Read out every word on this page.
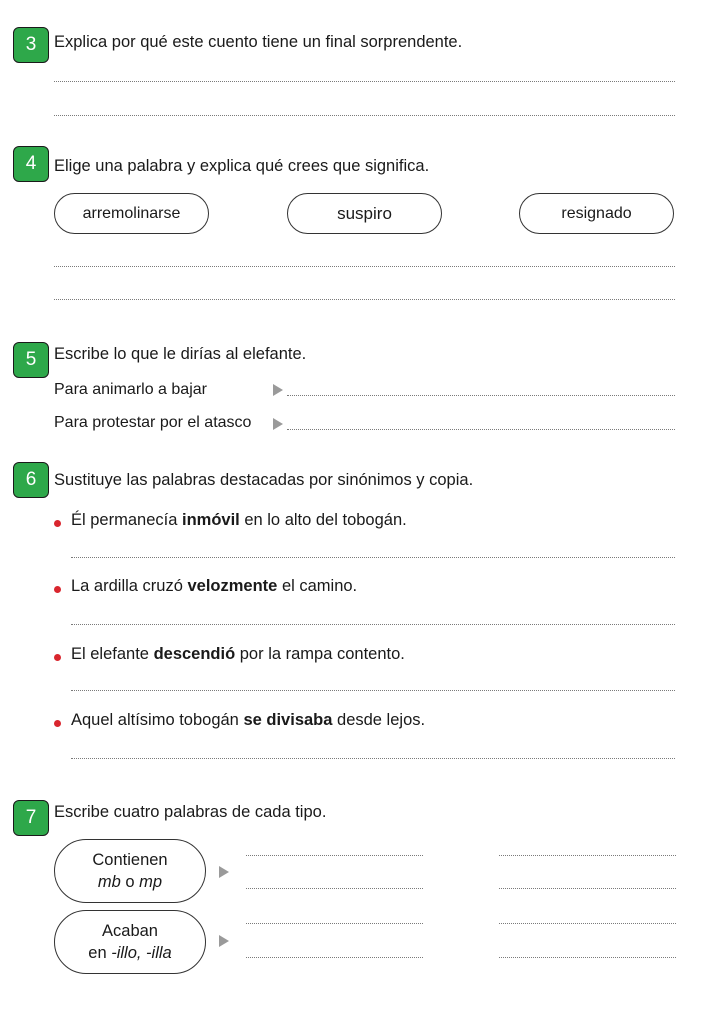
3	Explica por qué este cuento tiene un final sorprendente.
4	Elige una palabra y explica qué crees que significa.
arremolinarse	suspiro	resignado
5	Escribe lo que le dirías al elefante.
Para animarlo a bajar
Para protestar por el atasco
6	Sustituye las palabras destacadas por sinónimos y copia.
Él permanecía inmóvil en lo alto del tobogán.
La ardilla cruzó velozmente el camino.
El elefante descendió por la rampa contento.
Aquel altísimo tobogán se divisaba desde lejos.
7	Escribe cuatro palabras de cada tipo.
Contienen
mb o mp
Acaban
en -illo, -illa
